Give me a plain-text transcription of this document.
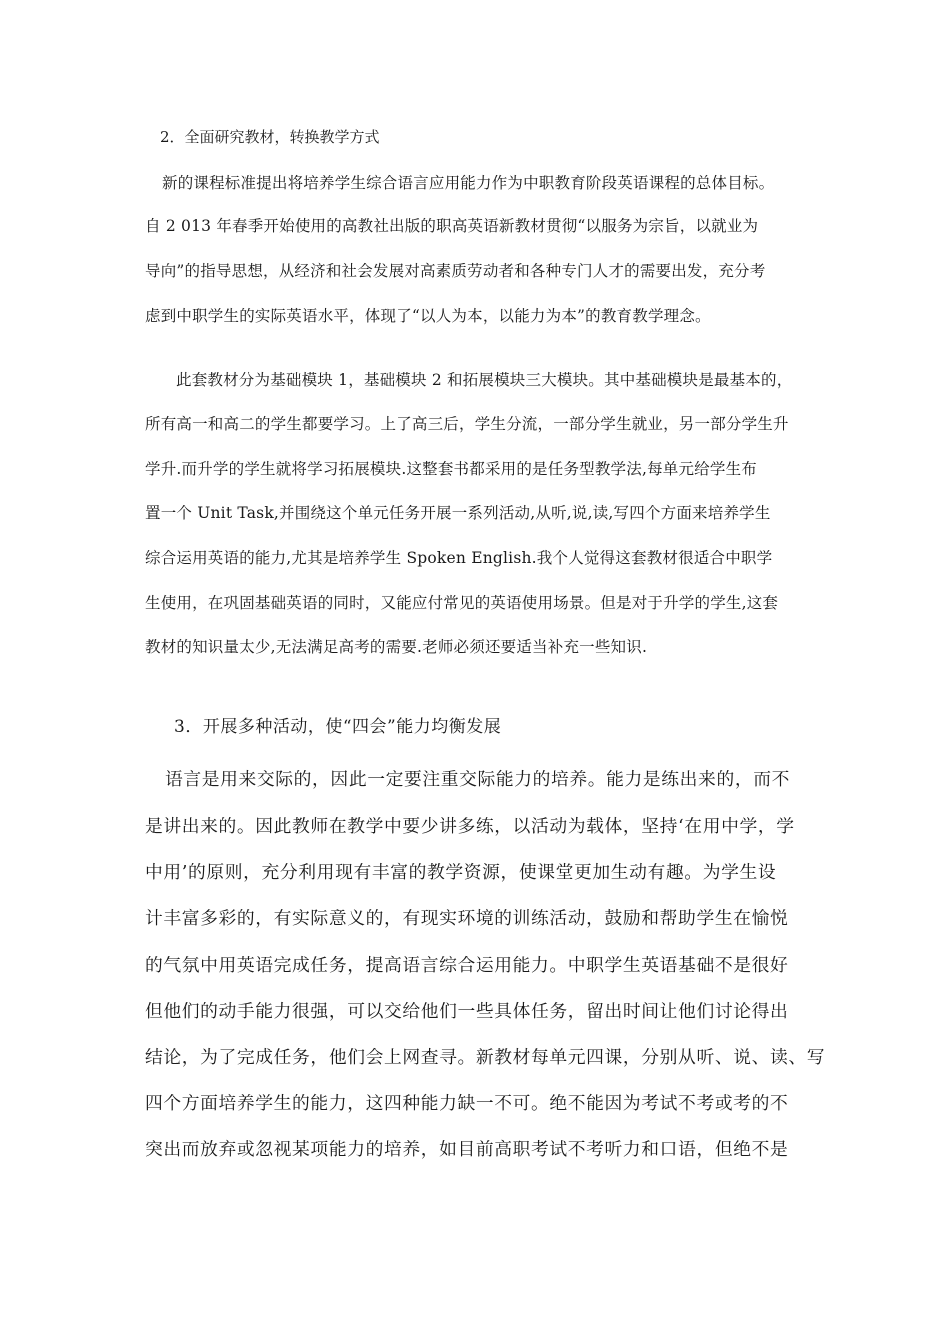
2．全面研究教材，转换教学方式
新的课程标准提出将培养学生综合语言应用能力作为中职教育阶段英语课程的总体目标。
自 2 013 年春季开始使用的高教社出版的职高英语新教材贯彻“以服务为宗旨，以就业为
导向”的指导思想，从经济和社会发展对高素质劳动者和各种专门人才的需要出发，充分考
虑到中职学生的实际英语水平，体现了“以人为本，以能力为本”的教育教学理念。
此套教材分为基础模块 1，基础模块 2 和拓展模块三大模块。其中基础模块是最基本的，
所有高一和高二的学生都要学习。上了高三后，学生分流，一部分学生就业，另一部分学生升
学升.而升学的学生就将学习拓展模块.这整套书都采用的是任务型教学法,每单元给学生布
置一个 Unit Task,并围绕这个单元任务开展一系列活动,从听,说,读,写四个方面来培养学生
综合运用英语的能力,尤其是培养学生 Spoken English.我个人觉得这套教材很适合中职学
生使用，在巩固基础英语的同时，又能应付常见的英语使用场景。但是对于升学的学生,这套
教材的知识量太少,无法满足高考的需要.老师必须还要适当补充一些知识.
3．开展多种活动，使“四会”能力均衡发展
语言是用来交际的，因此一定要注重交际能力的培养。能力是练出来的，而不
是讲出来的。因此教师在教学中要少讲多练，以活动为载体，坚持‘在用中学，学
中用’的原则，充分利用现有丰富的教学资源，使课堂更加生动有趣。为学生设
计丰富多彩的，有实际意义的，有现实环境的训练活动，鼓励和帮助学生在愉悦
的气氛中用英语完成任务，提高语言综合运用能力。中职学生英语基础不是很好
但他们的动手能力很强，可以交给他们一些具体任务，留出时间让他们讨论得出
结论，为了完成任务，他们会上网查寻。新教材每单元四课，分别从听、说、读、写
四个方面培养学生的能力，这四种能力缺一不可。绝不能因为考试不考或考的不
突出而放弃或忽视某项能力的培养，如目前高职考试不考听力和口语，但绝不是
